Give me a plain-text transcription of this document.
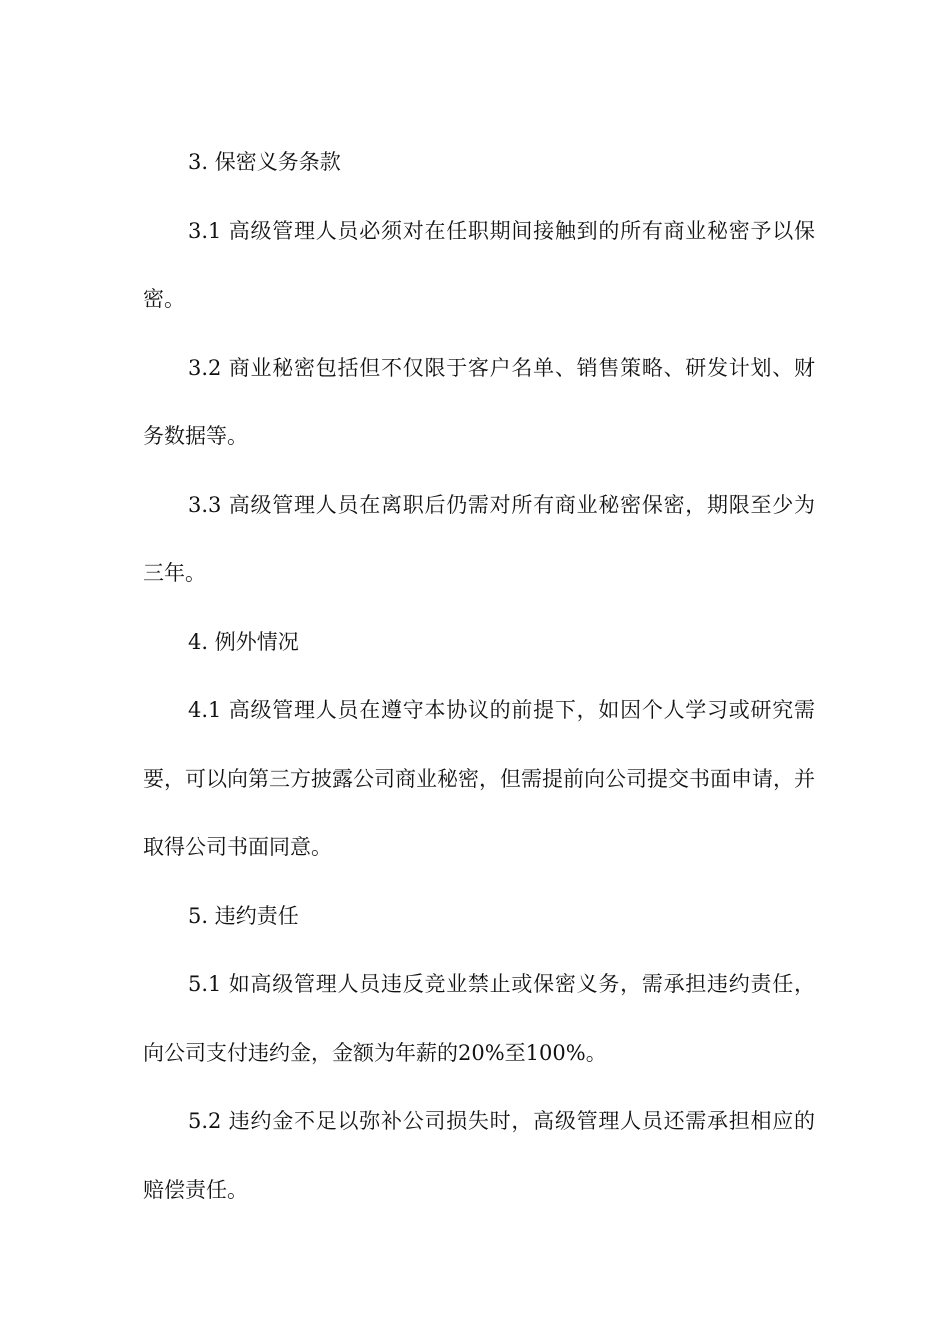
3. 保密义务条款

3.1 高级管理人员必须对在任职期间接触到的所有商业秘密予以保密。

3.2 商业秘密包括但不仅限于客户名单、销售策略、研发计划、财务数据等。

3.3 高级管理人员在离职后仍需对所有商业秘密保密，期限至少为三年。

4. 例外情况

4.1 高级管理人员在遵守本协议的前提下，如因个人学习或研究需要，可以向第三方披露公司商业秘密，但需提前向公司提交书面申请，并取得公司书面同意。

5. 违约责任

5.1 如高级管理人员违反竞业禁止或保密义务，需承担违约责任，向公司支付违约金，金额为年薪的20%至100%。

5.2 违约金不足以弥补公司损失时，高级管理人员还需承担相应的赔偿责任。
